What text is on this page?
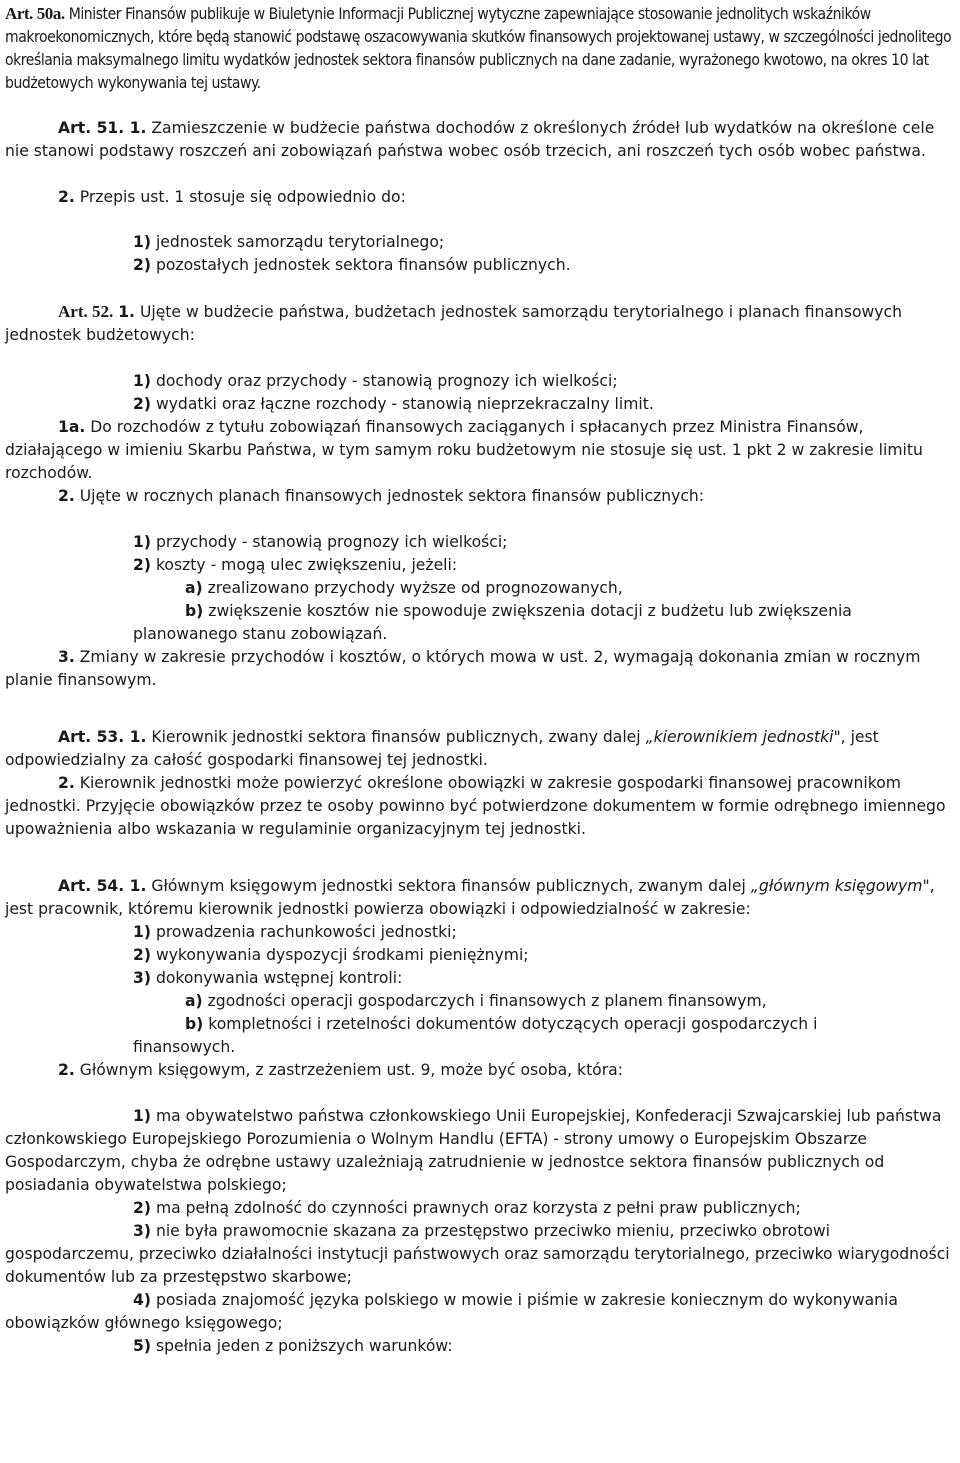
Art. 50a. Minister Finansów publikuje w Biuletynie Informacji Publicznej wytyczne zapewniające stosowanie jednolitych wskaźników makroekonomicznych, które będą stanowić podstawę oszacowywania skutków finansowych projektowanej ustawy, w szczególności jednolitego określania maksymalnego limitu wydatków jednostek sektora finansów publicznych na dane zadanie, wyrażonego kwotowo, na okres 10 lat budżetowych wykonywania tej ustawy.

Art. 51. 1. Zamieszczenie w budżecie państwa dochodów z określonych źródeł lub wydatków na określone cele nie stanowi podstawy roszczeń ani zobowiązań państwa wobec osób trzecich, ani roszczeń tych osób wobec państwa.

2. Przepis ust. 1 stosuje się odpowiednio do:

1) jednostek samorządu terytorialnego;

2) pozostałych jednostek sektora finansów publicznych.

Art. 52. 1. Ujęte w budżecie państwa, budżetach jednostek samorządu terytorialnego i planach finansowych jednostek budżetowych:

1) dochody oraz przychody - stanowią prognozy ich wielkości;

2) wydatki oraz łączne rozchody - stanowią nieprzekraczalny limit.

1a. Do rozchodów z tytułu zobowiązań finansowych zaciąganych i spłacanych przez Ministra Finansów, działającego w imieniu Skarbu Państwa, w tym samym roku budżetowym nie stosuje się ust. 1 pkt 2 w zakresie limitu rozchodów.

2. Ujęte w rocznych planach finansowych jednostek sektora finansów publicznych:

1) przychody - stanowią prognozy ich wielkości;

2) koszty - mogą ulec zwiększeniu, jeżeli:

a) zrealizowano przychody wyższe od prognozowanych,

b) zwiększenie kosztów nie spowoduje zwiększenia dotacji z budżetu lub zwiększenia

planowanego stanu zobowiązań.

3. Zmiany w zakresie przychodów i kosztów, o których mowa w ust. 2, wymagają dokonania zmian w rocznym planie finansowym.

Art. 53. 1. Kierownik jednostki sektora finansów publicznych, zwany dalej „kierownikiem jednostki", jest odpowiedzialny za całość gospodarki finansowej tej jednostki.

2. Kierownik jednostki może powierzyć określone obowiązki w zakresie gospodarki finansowej pracownikom jednostki. Przyjęcie obowiązków przez te osoby powinno być potwierdzone dokumentem w formie odrębnego imiennego upoważnienia albo wskazania w regulaminie organizacyjnym tej jednostki.

Art. 54. 1. Głównym księgowym jednostki sektora finansów publicznych, zwanym dalej „głównym księgowym", jest pracownik, któremu kierownik jednostki powierza obowiązki i odpowiedzialność w zakresie:

1) prowadzenia rachunkowości jednostki;

2) wykonywania dyspozycji środkami pieniężnymi;

3) dokonywania wstępnej kontroli:

a) zgodności operacji gospodarczych i finansowych z planem finansowym,

b) kompletności i rzetelności dokumentów dotyczących operacji gospodarczych i

finansowych.

2. Głównym księgowym, z zastrzeżeniem ust. 9, może być osoba, która:

1) ma obywatelstwo państwa członkowskiego Unii Europejskiej, Konfederacji Szwajcarskiej lub państwa członkowskiego Europejskiego Porozumienia o Wolnym Handlu (EFTA) - strony umowy o Europejskim Obszarze Gospodarczym, chyba że odrębne ustawy uzależniają zatrudnienie w jednostce sektora finansów publicznych od posiadania obywatelstwa polskiego;

2) ma pełną zdolność do czynności prawnych oraz korzysta z pełni praw publicznych;

3) nie była prawomocnie skazana za przestępstwo przeciwko mieniu, przeciwko obrotowi gospodarczemu, przeciwko działalności instytucji państwowych oraz samorządu terytorialnego, przeciwko wiarygodności dokumentów lub za przestępstwo skarbowe;

4) posiada znajomość języka polskiego w mowie i piśmie w zakresie koniecznym do wykonywania obowiązków głównego księgowego;

5) spełnia jeden z poniższych warunków:
